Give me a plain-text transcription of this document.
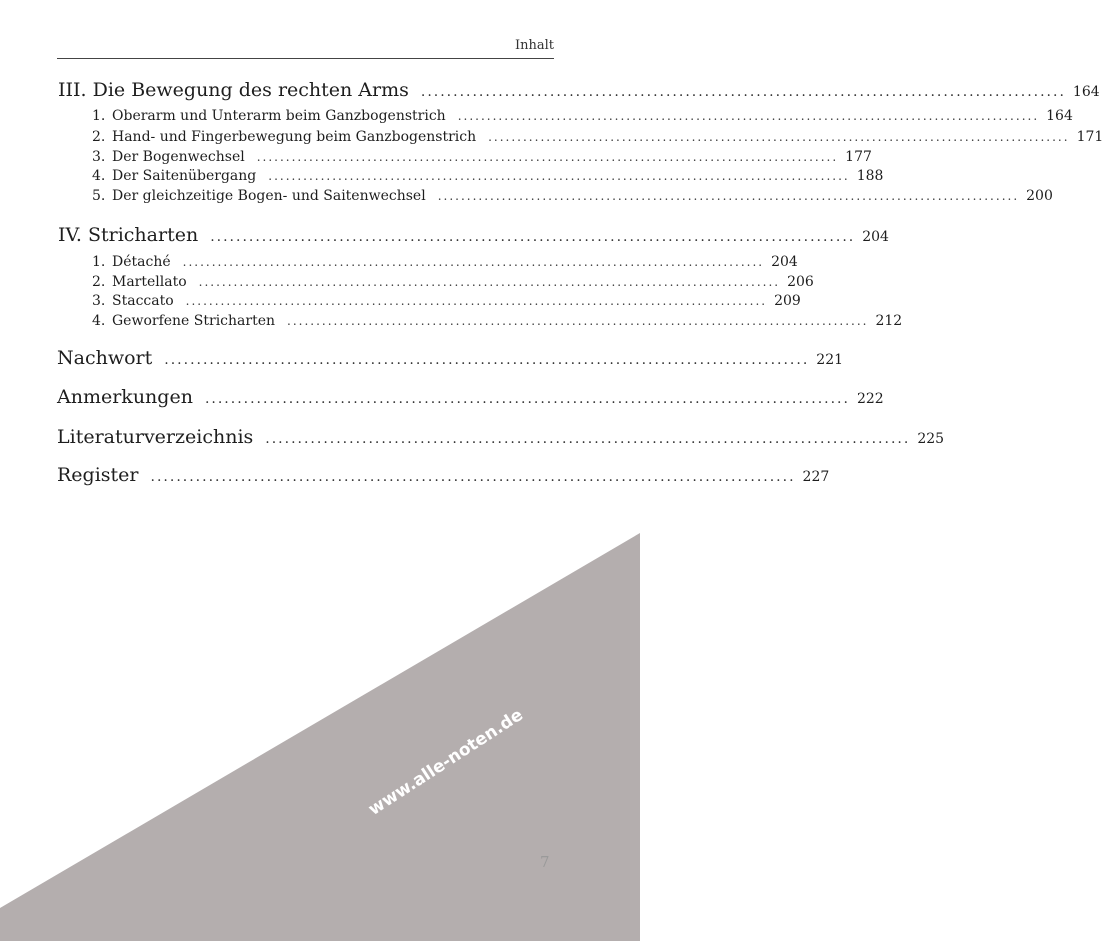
Inhalt
III. Die Bewegung des rechten Arms .................................................................................................... 164
1. Oberarm und Unterarm beim Ganzbogenstrich .................................................................................................... 164
2. Hand- und Fingerbewegung beim Ganzbogenstrich .................................................................................................... 171
3. Der Bogenwechsel .................................................................................................... 177
4. Der Saitenübergang .................................................................................................... 188
5. Der gleichzeitige Bogen- und Saitenwechsel .................................................................................................... 200
IV. Stricharten .................................................................................................... 204
1. Détaché .................................................................................................... 204
2. Martellato .................................................................................................... 206
3. Staccato .................................................................................................... 209
4. Geworfene Stricharten .................................................................................................... 212
Nachwort .................................................................................................... 221
Anmerkungen .................................................................................................... 222
Literaturverzeichnis .................................................................................................... 225
Register .................................................................................................... 227
7
www.alle-noten.de
